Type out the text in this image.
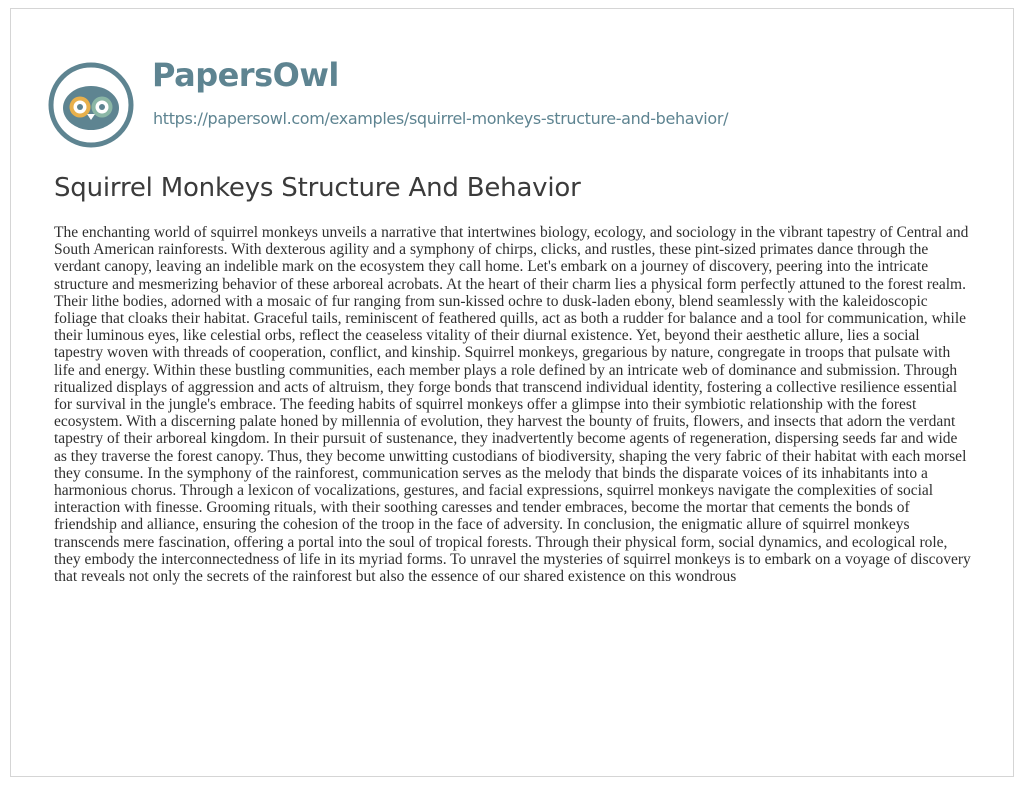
PapersOwl
https://papersowl.com/examples/squirrel-monkeys-structure-and-behavior/
Squirrel Monkeys Structure And Behavior

The enchanting world of squirrel monkeys unveils a narrative that intertwines biology, ecology, and sociology in the vibrant tapestry of Central and South American rainforests. With dexterous agility and a symphony of chirps, clicks, and rustles, these pint-sized primates dance through the verdant canopy, leaving an indelible mark on the ecosystem they call home. Let's embark on a journey of discovery, peering into the intricate structure and mesmerizing behavior of these arboreal acrobats. At the heart of their charm lies a physical form perfectly attuned to the forest realm. Their lithe bodies, adorned with a mosaic of fur ranging from sun-kissed ochre to dusk-laden ebony, blend seamlessly with the kaleidoscopic foliage that cloaks their habitat. Graceful tails, reminiscent of feathered quills, act as both a rudder for balance and a tool for communication, while their luminous eyes, like celestial orbs, reflect the ceaseless vitality of their diurnal existence. Yet, beyond their aesthetic allure, lies a social tapestry woven with threads of cooperation, conflict, and kinship. Squirrel monkeys, gregarious by nature, congregate in troops that pulsate with life and energy. Within these bustling communities, each member plays a role defined by an intricate web of dominance and submission. Through ritualized displays of aggression and acts of altruism, they forge bonds that transcend individual identity, fostering a collective resilience essential for survival in the jungle's embrace. The feeding habits of squirrel monkeys offer a glimpse into their symbiotic relationship with the forest ecosystem. With a discerning palate honed by millennia of evolution, they harvest the bounty of fruits, flowers, and insects that adorn the verdant tapestry of their arboreal kingdom. In their pursuit of sustenance, they inadvertently become agents of regeneration, dispersing seeds far and wide as they traverse the forest canopy. Thus, they become unwitting custodians of biodiversity, shaping the very fabric of their habitat with each morsel they consume. In the symphony of the rainforest, communication serves as the melody that binds the disparate voices of its inhabitants into a harmonious chorus. Through a lexicon of vocalizations, gestures, and facial expressions, squirrel monkeys navigate the complexities of social interaction with finesse. Grooming rituals, with their soothing caresses and tender embraces, become the mortar that cements the bonds of friendship and alliance, ensuring the cohesion of the troop in the face of adversity. In conclusion, the enigmatic allure of squirrel monkeys transcends mere fascination, offering a portal into the soul of tropical forests. Through their physical form, social dynamics, and ecological role, they embody the interconnectedness of life in its myriad forms. To unravel the mysteries of squirrel monkeys is to embark on a voyage of discovery that reveals not only the secrets of the rainforest but also the essence of our shared existence on this wondrous
